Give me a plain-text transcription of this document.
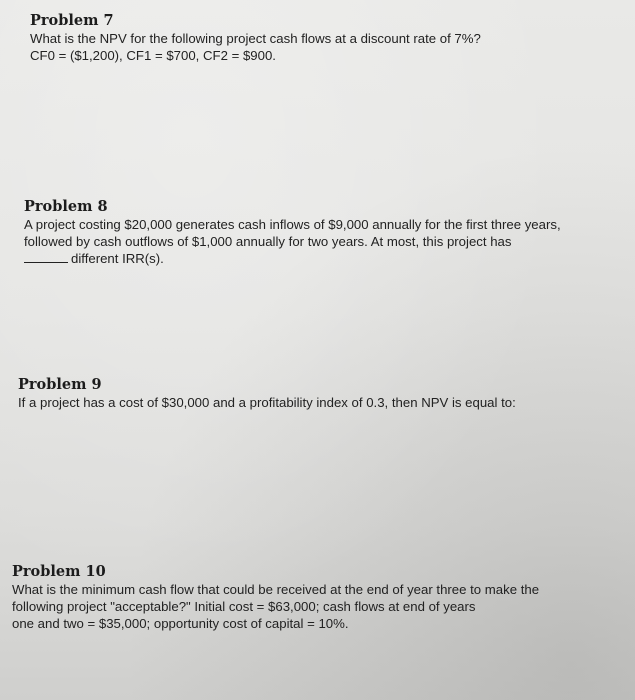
Problem 7

What is the NPV for the following project cash flows at a discount rate of 7%?

CF0 = ($1,200), CF1 = $700, CF2 = $900.

Problem 8

A project costing $20,000 generates cash inflows of $9,000 annually for the first three years,

followed by cash outflows of $1,000 annually for two years. At most, this project has

different IRR(s).

Problem 9

If a project has a cost of $30,000 and a profitability index of 0.3, then NPV is equal to:

Problem 10

What is the minimum cash flow that could be received at the end of year three to make the

following project "acceptable?" Initial cost = $63,000; cash flows at end of years

one and two = $35,000; opportunity cost of capital = 10%.
